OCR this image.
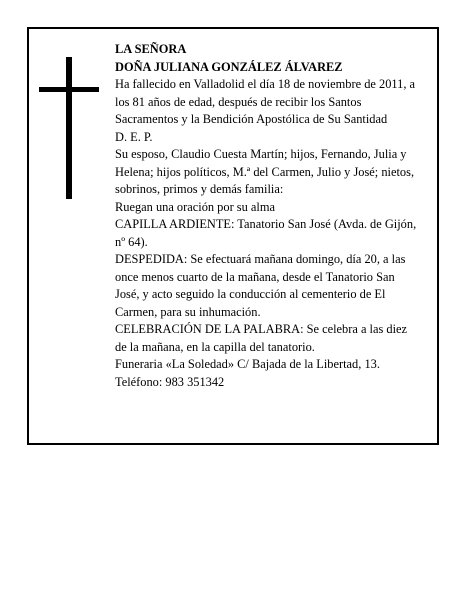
LA SEÑORA

DOÑA JULIANA GONZÁLEZ ÁLVAREZ

Ha fallecido en Valladolid el día 18 de noviembre de 2011, a los 81 años de edad, después de recibir los Santos Sacramentos y la Bendición Apostólica de Su Santidad

D. E. P.

Su esposo, Claudio Cuesta Martín; hijos, Fernando, Julia y Helena; hijos políticos, M.ª del Carmen, Julio y José; nietos, sobrinos, primos y demás familia:

Ruegan una oración por su alma

CAPILLA ARDIENTE: Tanatorio San José (Avda. de Gijón, nº 64).

DESPEDIDA: Se efectuará mañana domingo, día 20, a las once menos cuarto de la mañana, desde el Tanatorio San José, y acto seguido la conducción al cementerio de El Carmen, para su inhumación.

CELEBRACIÓN DE LA PALABRA: Se celebra a las diez de la mañana, en la capilla del tanatorio.

Funeraria «La Soledad» C/ Bajada de la Libertad, 13.

Teléfono: 983 351342
